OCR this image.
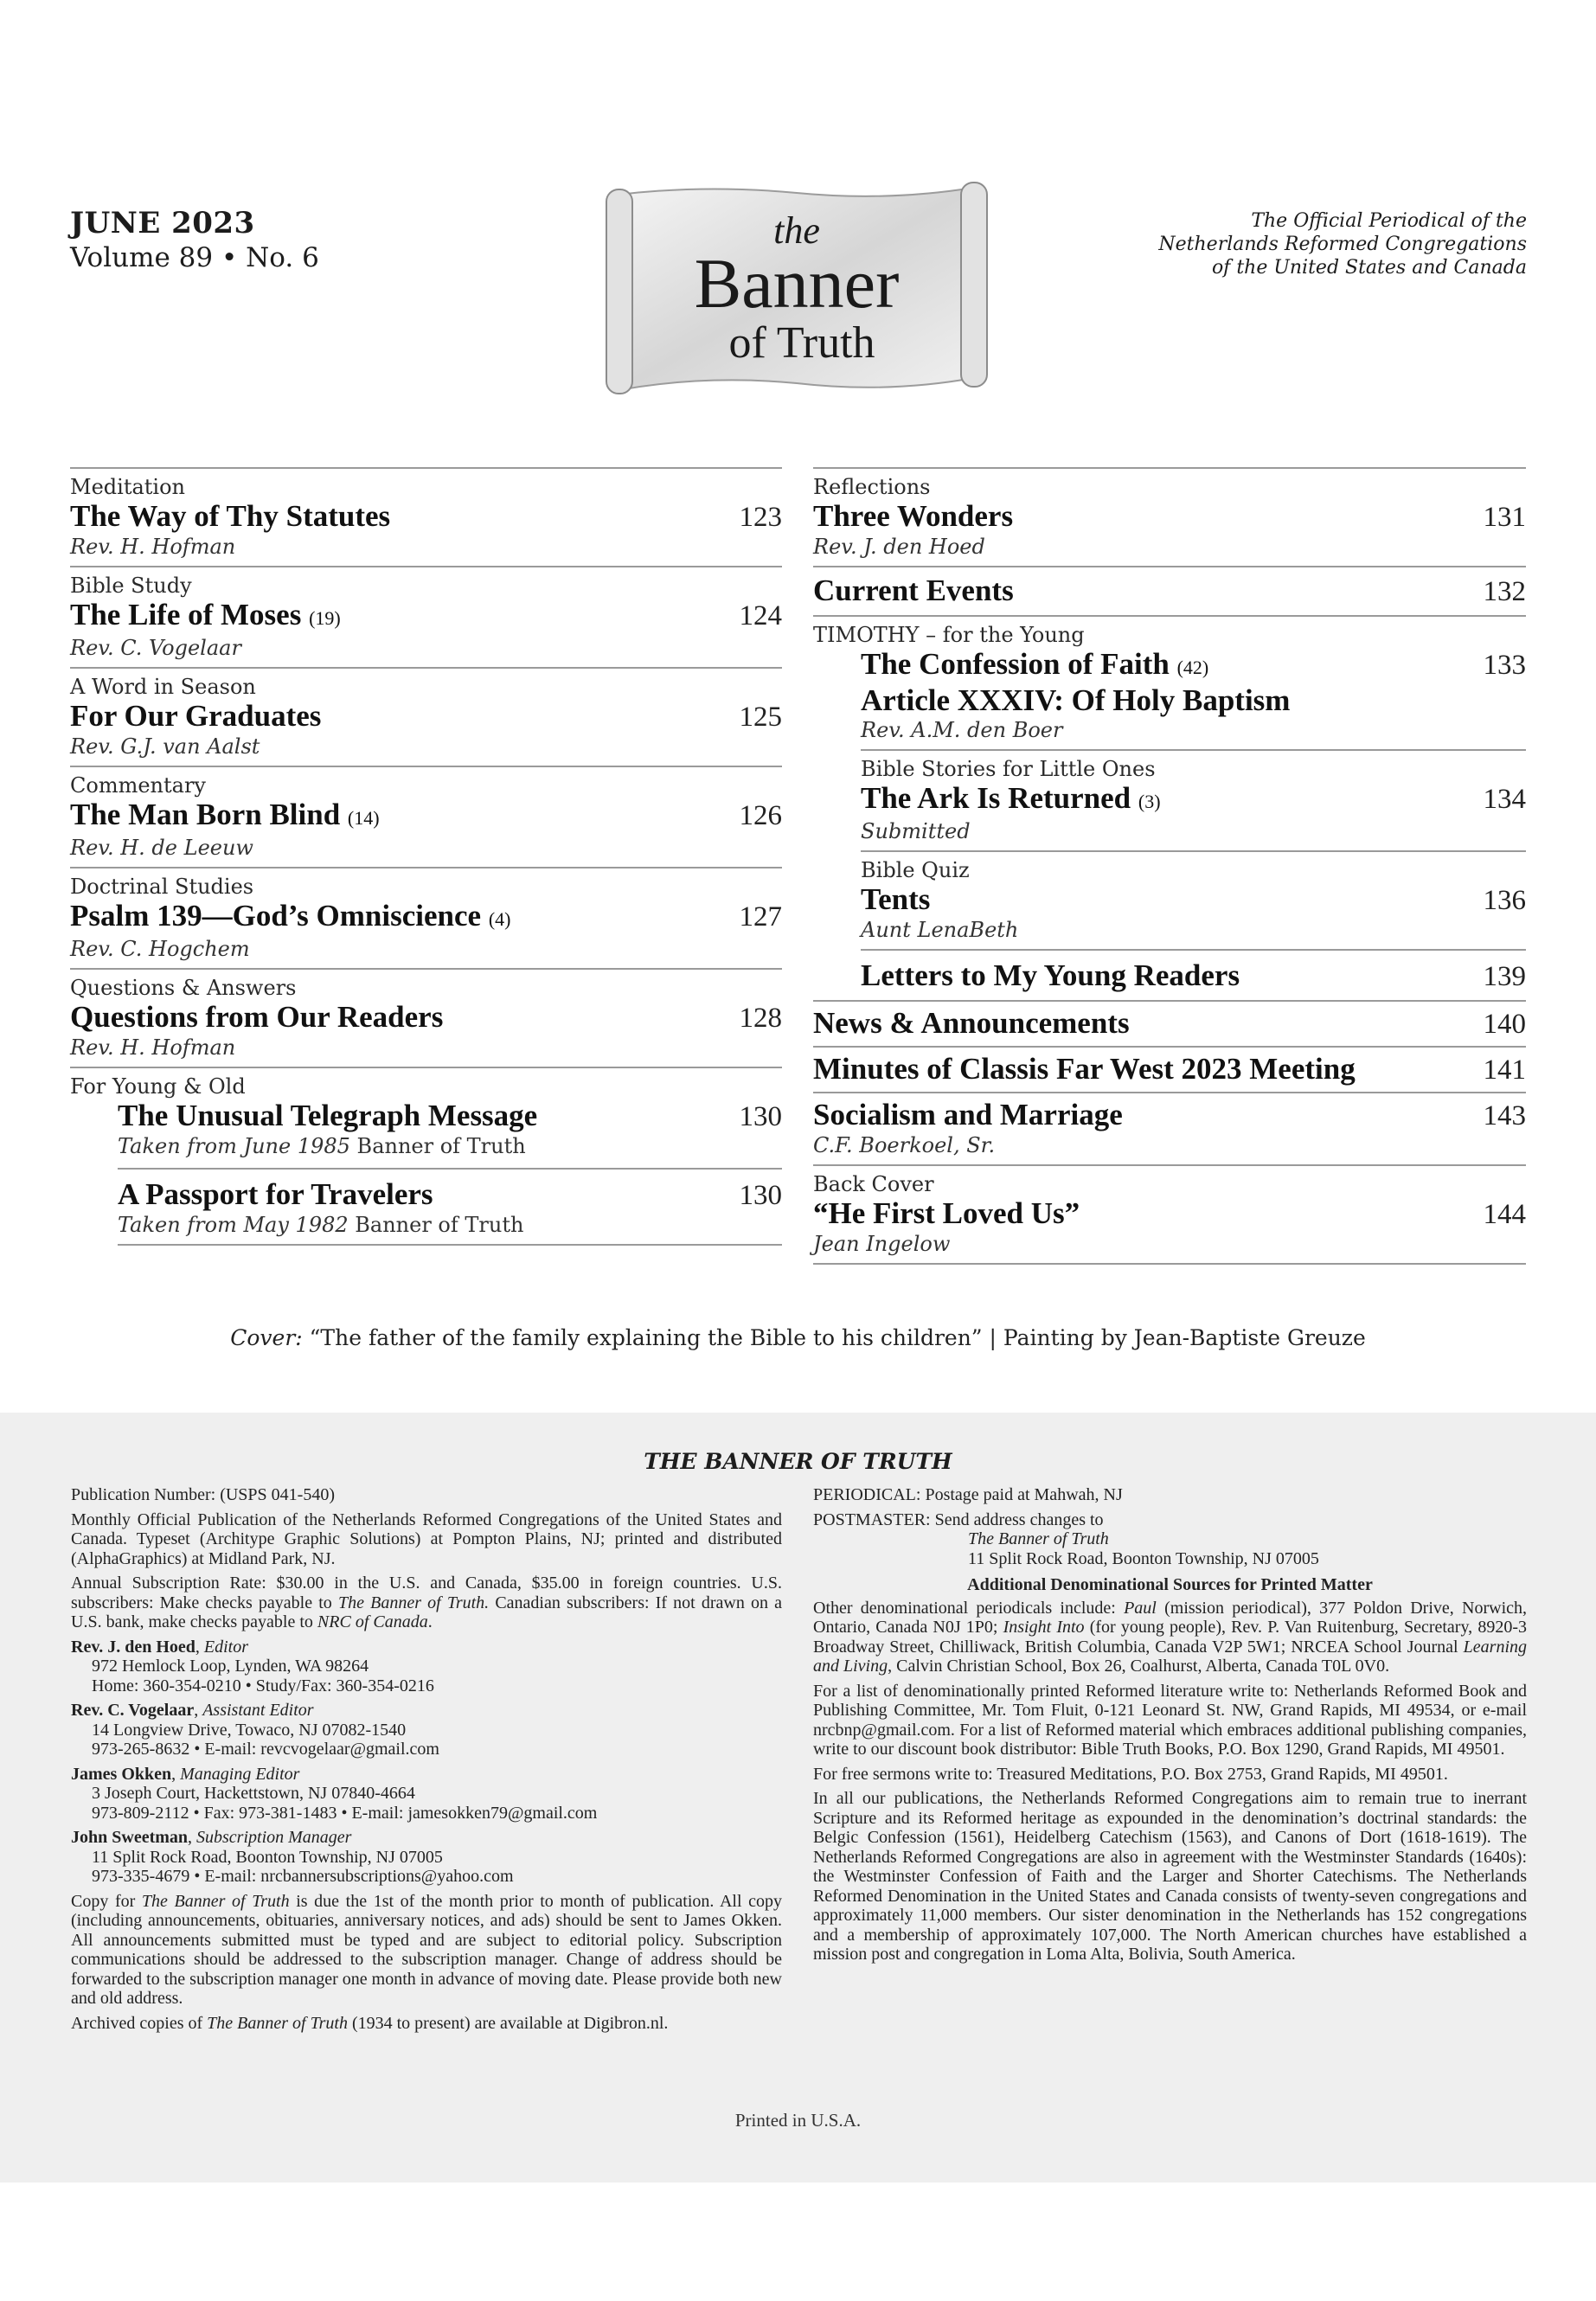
JUNE 2023
Volume 89 • No. 6
the
Banner
of Truth
The Official Periodical of the
Netherlands Reformed Congregations
of the United States and Canada
Meditation
The Way of Thy Statutes	123
Rev. H. Hofman
Bible Study
The Life of Moses (19)	124
Rev. C. Vogelaar
A Word in Season
For Our Graduates	125
Rev. G.J. van Aalst
Commentary
The Man Born Blind (14)	126
Rev. H. de Leeuw
Doctrinal Studies
Psalm 139—God’s Omniscience (4)	127
Rev. C. Hogchem
Questions & Answers
Questions from Our Readers	128
Rev. H. Hofman
For Young & Old
The Unusual Telegraph Message	130
Taken from June 1985 Banner of Truth
A Passport for Travelers	130
Taken from May 1982 Banner of Truth
Reflections
Three Wonders	131
Rev. J. den Hoed
Current Events	132
TIMOTHY – for the Young
The Confession of Faith (42)	133
Article XXXIV: Of Holy Baptism
Rev. A.M. den Boer
Bible Stories for Little Ones
The Ark Is Returned (3)	134
Submitted
Bible Quiz
Tents	136
Aunt LenaBeth
Letters to My Young Readers	139
News & Announcements	140
Minutes of Classis Far West 2023 Meeting	141
Socialism and Marriage	143
C.F. Boerkoel, Sr.
Back Cover
“He First Loved Us”	144
Jean Ingelow
Cover: “The father of the family explaining the Bible to his children” | Painting by Jean-Baptiste Greuze
THE BANNER OF TRUTH

Publication Number: (USPS 041-540)

Monthly Official Publication of the Netherlands Reformed Congregations of the United States and Canada. Typeset (Architype Graphic Solutions) at Pompton Plains, NJ; printed and distributed (AlphaGraphics) at Midland Park, NJ.

Annual Subscription Rate: $30.00 in the U.S. and Canada, $35.00 in foreign countries. U.S. subscribers: Make checks payable to The Banner of Truth. Canadian subscribers: If not drawn on a U.S. bank, make checks payable to NRC of Canada.

Rev. J. den Hoed, Editor
972 Hemlock Loop, Lynden, WA 98264
Home: 360-354-0210 • Study/Fax: 360-354-0216

Rev. C. Vogelaar, Assistant Editor
14 Longview Drive, Towaco, NJ 07082-1540
973-265-8632 • E-mail: revcvogelaar@gmail.com

James Okken, Managing Editor
3 Joseph Court, Hackettstown, NJ 07840-4664
973-809-2112 • Fax: 973-381-1483 • E-mail: jamesokken79@gmail.com

John Sweetman, Subscription Manager
11 Split Rock Road, Boonton Township, NJ 07005
973-335-4679 • E-mail: nrcbannersubscriptions@yahoo.com

Copy for The Banner of Truth is due the 1st of the month prior to month of publication. All copy (including announcements, obituaries, anniversary notices, and ads) should be sent to James Okken. All announcements submitted must be typed and are subject to editorial policy. Subscription communications should be addressed to the subscription manager. Change of address should be forwarded to the subscription manager one month in advance of moving date. Please provide both new and old address.

Archived copies of The Banner of Truth (1934 to present) are available at Digibron.nl.

PERIODICAL: Postage paid at Mahwah, NJ

POSTMASTER: Send address changes to
The Banner of Truth
11 Split Rock Road, Boonton Township, NJ 07005

Additional Denominational Sources for Printed Matter

Other denominational periodicals include: Paul (mission periodical), 377 Poldon Drive, Norwich, Ontario, Canada N0J 1P0; Insight Into (for young people), Rev. P. Van Ruitenburg, Secretary, 8920-3 Broadway Street, Chilliwack, British Columbia, Canada V2P 5W1; NRCEA School Journal Learning and Living, Calvin Christian School, Box 26, Coalhurst, Alberta, Canada T0L 0V0.

For a list of denominationally printed Reformed literature write to: Netherlands Reformed Book and Publishing Committee, Mr. Tom Fluit, 0-121 Leonard St. NW, Grand Rapids, MI 49534, or e-mail nrcbnp@gmail.com. For a list of Reformed material which embraces additional publishing companies, write to our discount book distributor: Bible Truth Books, P.O. Box 1290, Grand Rapids, MI 49501.

For free sermons write to: Treasured Meditations, P.O. Box 2753, Grand Rapids, MI 49501.

In all our publications, the Netherlands Reformed Congregations aim to remain true to inerrant Scripture and its Reformed heritage as expounded in the denomination’s doctrinal standards: the Belgic Confession (1561), Heidelberg Catechism (1563), and Canons of Dort (1618-1619). The Netherlands Reformed Congregations are also in agreement with the Westminster Standards (1640s): the Westminster Confession of Faith and the Larger and Shorter Catechisms. The Netherlands Reformed Denomination in the United States and Canada consists of twenty-seven congregations and approximately 11,000 members. Our sister denomination in the Netherlands has 152 congregations and a membership of approximately 107,000. The North American churches have established a mission post and congregation in Loma Alta, Bolivia, South America.

Printed in U.S.A.
